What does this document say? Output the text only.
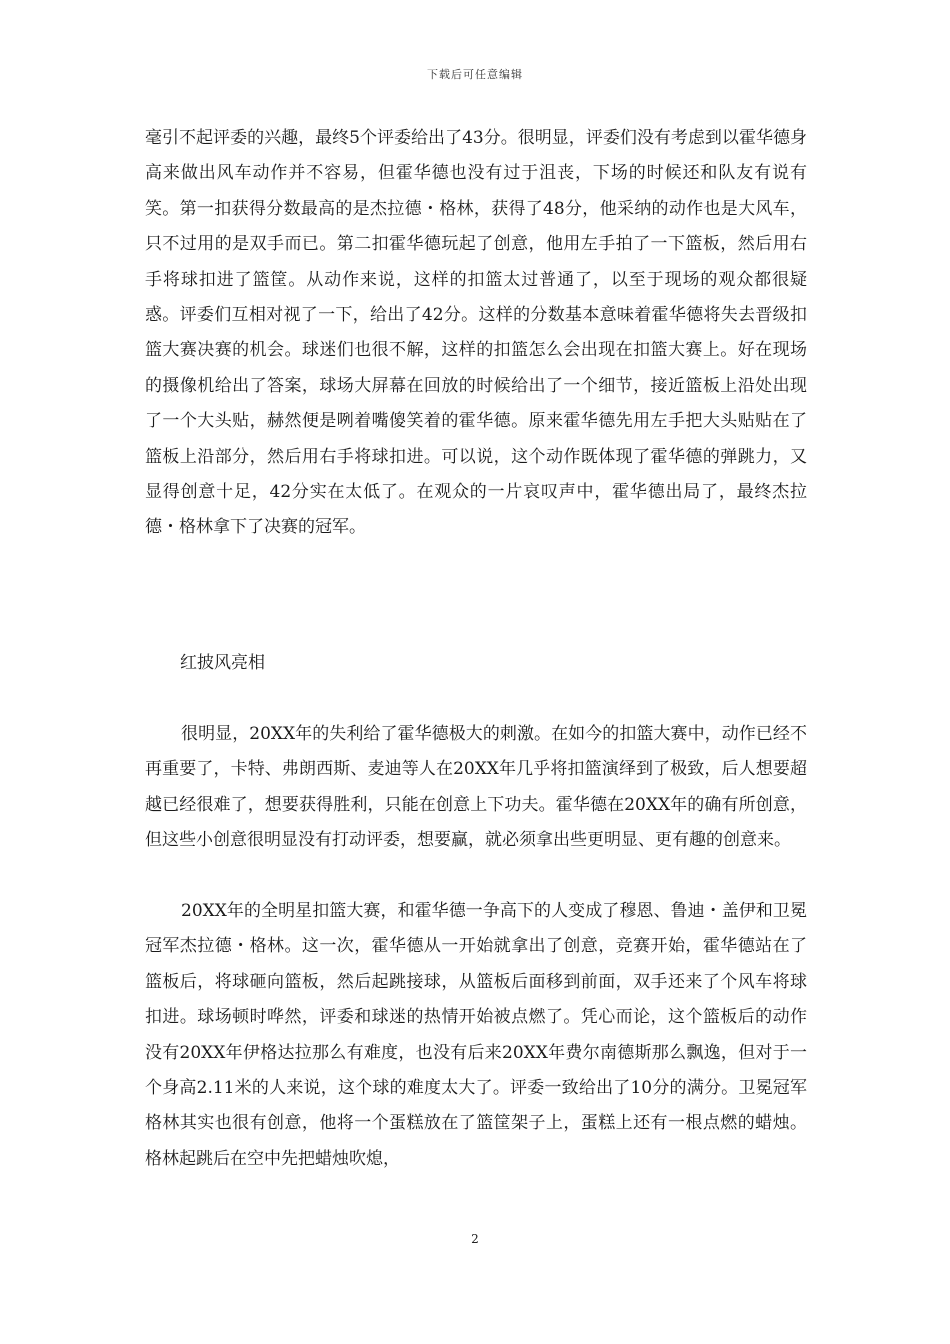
下载后可任意编辑

毫引不起评委的兴趣，最终5个评委给出了43分。很明显，评委们没有考虑到以霍华德身高来做出风车动作并不容易，但霍华德也没有过于沮丧，下场的时候还和队友有说有笑。第一扣获得分数最高的是杰拉德・格林，获得了48分，他采纳的动作也是大风车，只不过用的是双手而已。第二扣霍华德玩起了创意，他用左手拍了一下篮板，然后用右手将球扣进了篮筐。从动作来说，这样的扣篮太过普通了，以至于现场的观众都很疑惑。评委们互相对视了一下，给出了42分。这样的分数基本意味着霍华德将失去晋级扣篮大赛决赛的机会。球迷们也很不解，这样的扣篮怎么会出现在扣篮大赛上。好在现场的摄像机给出了答案，球场大屏幕在回放的时候给出了一个细节，接近篮板上沿处出现了一个大头贴，赫然便是咧着嘴傻笑着的霍华德。原来霍华德先用左手把大头贴贴在了篮板上沿部分，然后用右手将球扣进。可以说，这个动作既体现了霍华德的弹跳力，又显得创意十足，42分实在太低了。在观众的一片哀叹声中，霍华德出局了，最终杰拉德・格林拿下了决赛的冠军。

红披风亮相

很明显，20XX年的失利给了霍华德极大的刺激。在如今的扣篮大赛中，动作已经不再重要了，卡特、弗朗西斯、麦迪等人在20XX年几乎将扣篮演绎到了极致，后人想要超越已经很难了，想要获得胜利，只能在创意上下功夫。霍华德在20XX年的确有所创意，但这些小创意很明显没有打动评委，想要赢，就必须拿出些更明显、更有趣的创意来。

20XX年的全明星扣篮大赛，和霍华德一争高下的人变成了穆恩、鲁迪・盖伊和卫冕冠军杰拉德・格林。这一次，霍华德从一开始就拿出了创意，竞赛开始，霍华德站在了篮板后，将球砸向篮板，然后起跳接球，从篮板后面移到前面，双手还来了个风车将球扣进。球场顿时哗然，评委和球迷的热情开始被点燃了。凭心而论，这个篮板后的动作没有20XX年伊格达拉那么有难度，也没有后来20XX年费尔南德斯那么飘逸，但对于一个身高2.11米的人来说，这个球的难度太大了。评委一致给出了10分的满分。卫冕冠军格林其实也很有创意，他将一个蛋糕放在了篮筐架子上，蛋糕上还有一根点燃的蜡烛。格林起跳后在空中先把蜡烛吹熄，

2
